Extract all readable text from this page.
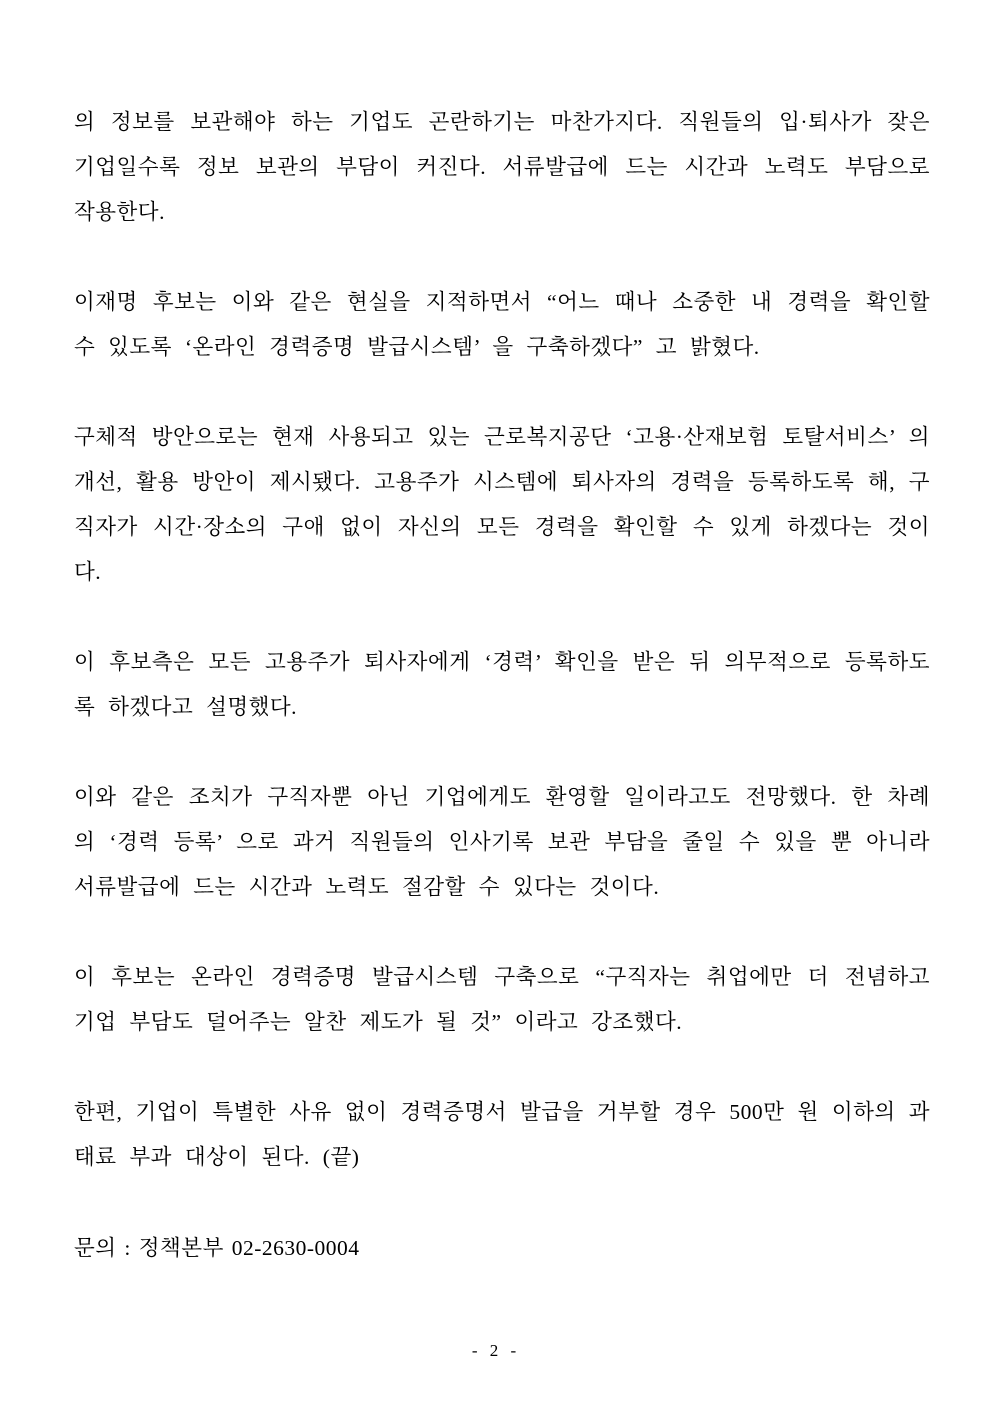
의 정보를 보관해야 하는 기업도 곤란하기는 마찬가지다. 직원들의 입·퇴사가 잦은 기업일수록 정보 보관의 부담이 커진다. 서류발급에 드는 시간과 노력도 부담으로 작용한다.

이재명 후보는 이와 같은 현실을 지적하면서 “어느 때나 소중한 내 경력을 확인할 수 있도록 ‘온라인 경력증명 발급시스템’ 을 구축하겠다” 고 밝혔다.

구체적 방안으로는 현재 사용되고 있는 근로복지공단 ‘고용·산재보험 토탈서비스’ 의 개선, 활용 방안이 제시됐다. 고용주가 시스템에 퇴사자의 경력을 등록하도록 해, 구직자가 시간·장소의 구애 없이 자신의 모든 경력을 확인할 수 있게 하겠다는 것이다.

이 후보측은 모든 고용주가 퇴사자에게 ‘경력’ 확인을 받은 뒤 의무적으로 등록하도록 하겠다고 설명했다.

이와 같은 조치가 구직자뿐 아닌 기업에게도 환영할 일이라고도 전망했다. 한 차례의 ‘경력 등록’ 으로 과거 직원들의 인사기록 보관 부담을 줄일 수 있을 뿐 아니라 서류발급에 드는 시간과 노력도 절감할 수 있다는 것이다.

이 후보는 온라인 경력증명 발급시스템 구축으로 “구직자는 취업에만 더 전념하고 기업 부담도 덜어주는 알찬 제도가 될 것” 이라고 강조했다.

한편, 기업이 특별한 사유 없이 경력증명서 발급을 거부할 경우 500만 원 이하의 과태료 부과 대상이 된다. (끝)

문의 : 정책본부 02-2630-0004

- 2 -
